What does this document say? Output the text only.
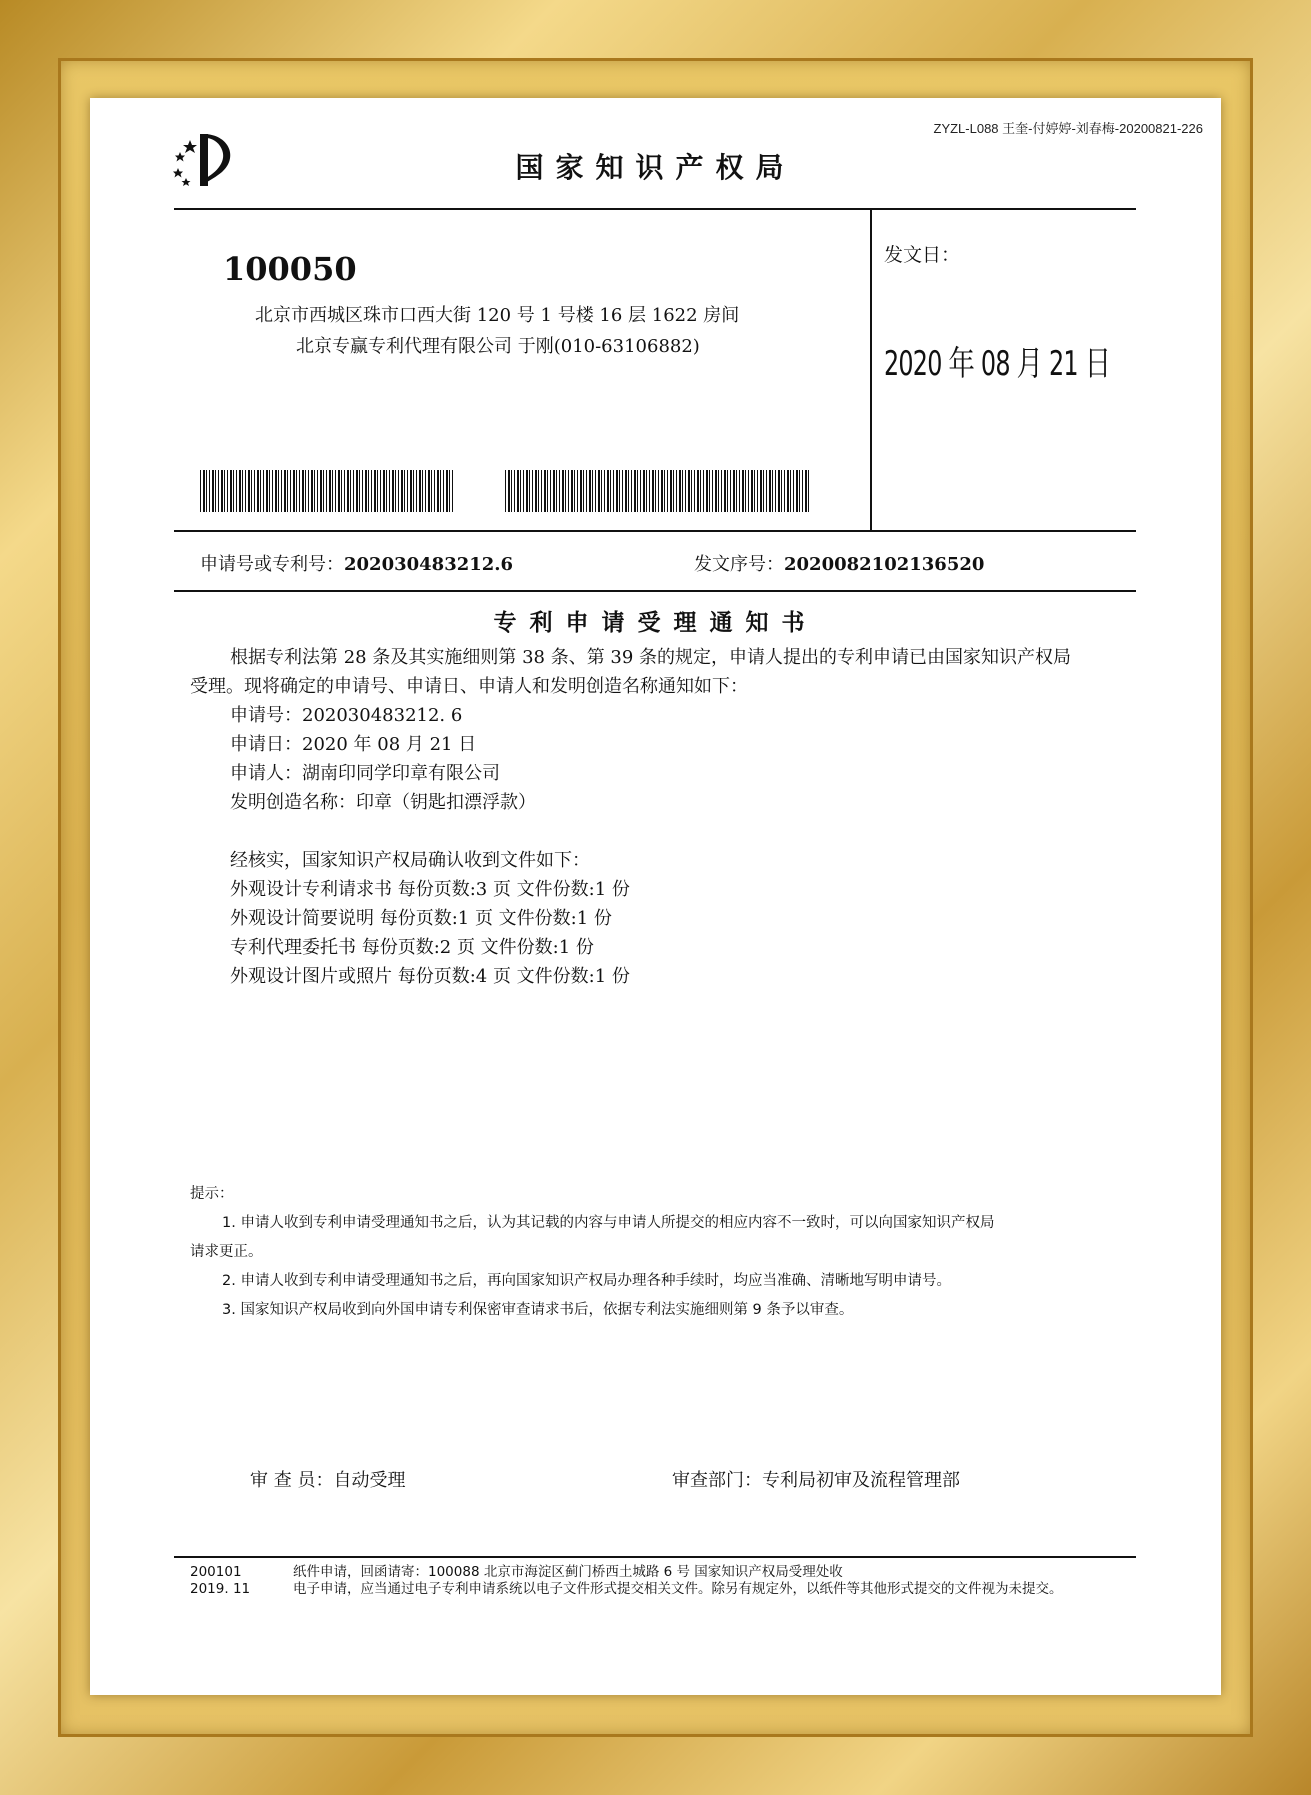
ZYZL-L088 王奎-付婷婷-刘春梅-20200821-226
国家知识产权局
100050
北京市西城区珠市口西大街 120 号 1 号楼 16 层 1622 房间
北京专赢专利代理有限公司 于刚(010-63106882)
发文日：
2020 年 08 月 21 日
申请号或专利号：202030483212.6	发文序号：2020082102136520
专利申请受理通知书

根据专利法第 28 条及其实施细则第 38 条、第 39 条的规定，申请人提出的专利申请已由国家知识产权局

受理。现将确定的申请号、申请日、申请人和发明创造名称通知如下：

申请号：202030483212. 6

申请日：2020 年 08 月 21 日

申请人：湖南印同学印章有限公司

发明创造名称：印章（钥匙扣漂浮款）

经核实，国家知识产权局确认收到文件如下：

外观设计专利请求书 每份页数:3 页 文件份数:1 份

外观设计简要说明 每份页数:1 页 文件份数:1 份

专利代理委托书 每份页数:2 页 文件份数:1 份

外观设计图片或照片 每份页数:4 页 文件份数:1 份

提示：

1. 申请人收到专利申请受理通知书之后，认为其记载的内容与申请人所提交的相应内容不一致时，可以向国家知识产权局

请求更正。

2. 申请人收到专利申请受理通知书之后，再向国家知识产权局办理各种手续时，均应当准确、清晰地写明申请号。

3. 国家知识产权局收到向外国申请专利保密审查请求书后，依据专利法实施细则第 9 条予以审查。

审 查 员：自动受理	审查部门：专利局初审及流程管理部

200101

2019. 11

纸件申请，回函请寄：100088 北京市海淀区蓟门桥西土城路 6 号 国家知识产权局受理处收

电子申请，应当通过电子专利申请系统以电子文件形式提交相关文件。除另有规定外，以纸件等其他形式提交的文件视为未提交。
